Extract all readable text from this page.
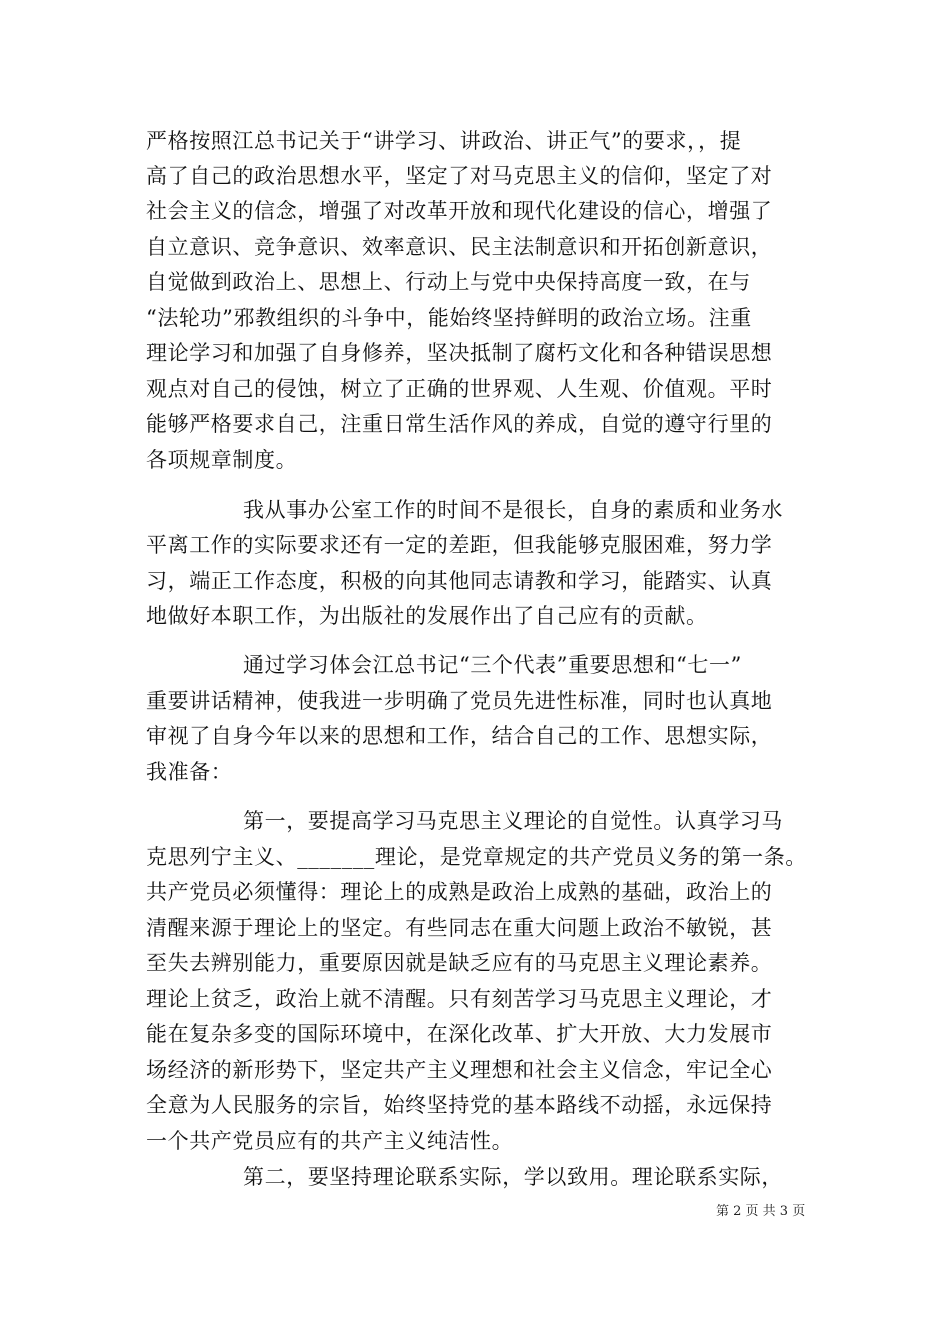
严格按照江总书记关于“讲学习、讲政治、讲正气”的要求，，提
高了自己的政治思想水平，坚定了对马克思主义的信仰，坚定了对
社会主义的信念，增强了对改革开放和现代化建设的信心，增强了
自立意识、竞争意识、效率意识、民主法制意识和开拓创新意识，
自觉做到政治上、思想上、行动上与党中央保持高度一致，在与
“法轮功”邪教组织的斗争中，能始终坚持鲜明的政治立场。注重
理论学习和加强了自身修养，坚决抵制了腐朽文化和各种错误思想
观点对自己的侵蚀，树立了正确的世界观、人生观、价值观。平时
能够严格要求自己，注重日常生活作风的养成，自觉的遵守行里的
各项规章制度。
我从事办公室工作的时间不是很长，自身的素质和业务水
平离工作的实际要求还有一定的差距，但我能够克服困难，努力学
习，端正工作态度，积极的向其他同志请教和学习，能踏实、认真
地做好本职工作，为出版社的发展作出了自己应有的贡献。
通过学习体会江总书记“三个代表”重要思想和“七一”
重要讲话精神，使我进一步明确了党员先进性标准，同时也认真地
审视了自身今年以来的思想和工作，结合自己的工作、思想实际，
我准备：
第一，要提高学习马克思主义理论的自觉性。认真学习马
克思列宁主义、_______理论，是党章规定的共产党员义务的第一条。
共产党员必须懂得：理论上的成熟是政治上成熟的基础，政治上的
清醒来源于理论上的坚定。有些同志在重大问题上政治不敏锐，甚
至失去辨别能力，重要原因就是缺乏应有的马克思主义理论素养。
理论上贫乏，政治上就不清醒。只有刻苦学习马克思主义理论，才
能在复杂多变的国际环境中，在深化改革、扩大开放、大力发展市
场经济的新形势下，坚定共产主义理想和社会主义信念，牢记全心
全意为人民服务的宗旨，始终坚持党的基本路线不动摇，永远保持
一个共产党员应有的共产主义纯洁性。
第二，要坚持理论联系实际，学以致用。理论联系实际，
第 2 页 共 3 页
